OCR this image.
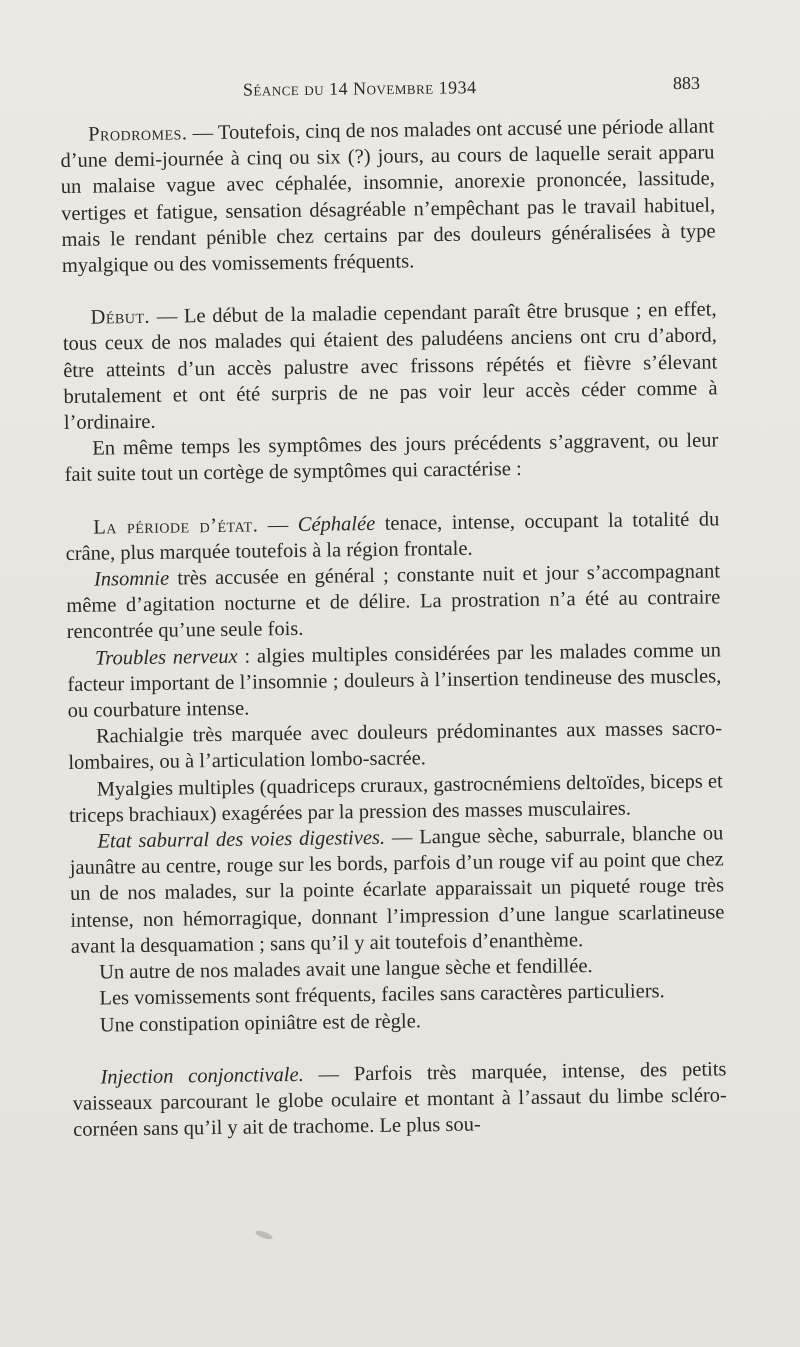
Séance du 14 Novembre 1934	883

Prodromes. — Toutefois, cinq de nos malades ont accusé une période allant d’une demi-journée à cinq ou six (?) jours, au cours de laquelle serait apparu un malaise vague avec céphalée, insomnie, anorexie prononcée, lassitude, vertiges et fatigue, sensation désagréable n’empêchant pas le travail habituel, mais le rendant pénible chez certains par des douleurs généralisées à type myalgique ou des vomissements fréquents.

Début. — Le début de la maladie cependant paraît être brusque ; en effet, tous ceux de nos malades qui étaient des paludéens anciens ont cru d’abord, être atteints d’un accès palustre avec frissons répétés et fièvre s’élevant brutalement et ont été surpris de ne pas voir leur accès céder comme à l’ordinaire.

En même temps les symptômes des jours précédents s’aggravent, ou leur fait suite tout un cortège de symptômes qui caractérise :

La période d’état. — Céphalée tenace, intense, occupant la totalité du crâne, plus marquée toutefois à la région frontale.

Insomnie très accusée en général ; constante nuit et jour s’accompagnant même d’agitation nocturne et de délire. La prostration n’a été au contraire rencontrée qu’une seule fois.

Troubles nerveux : algies multiples considérées par les malades comme un facteur important de l’insomnie ; douleurs à l’insertion tendineuse des muscles, ou courbature intense.

Rachialgie très marquée avec douleurs prédominantes aux masses sacro-lombaires, ou à l’articulation lombo-sacrée.

Myalgies multiples (quadriceps cruraux, gastrocnémiens deltoïdes, biceps et triceps brachiaux) exagérées par la pression des masses musculaires.

Etat saburral des voies digestives. — Langue sèche, saburrale, blanche ou jaunâtre au centre, rouge sur les bords, parfois d’un rouge vif au point que chez un de nos malades, sur la pointe écarlate apparaissait un piqueté rouge très intense, non hémorragique, donnant l’impression d’une langue scarlatineuse avant la desquamation ; sans qu’il y ait toutefois d’enanthème.

Un autre de nos malades avait une langue sèche et fendillée.

Les vomissements sont fréquents, faciles sans caractères particuliers.

Une constipation opiniâtre est de règle.

Injection conjonctivale. — Parfois très marquée, intense, des petits vaisseaux parcourant le globe oculaire et montant à l’assaut du limbe scléro-cornéen sans qu’il y ait de trachome. Le plus sou-
